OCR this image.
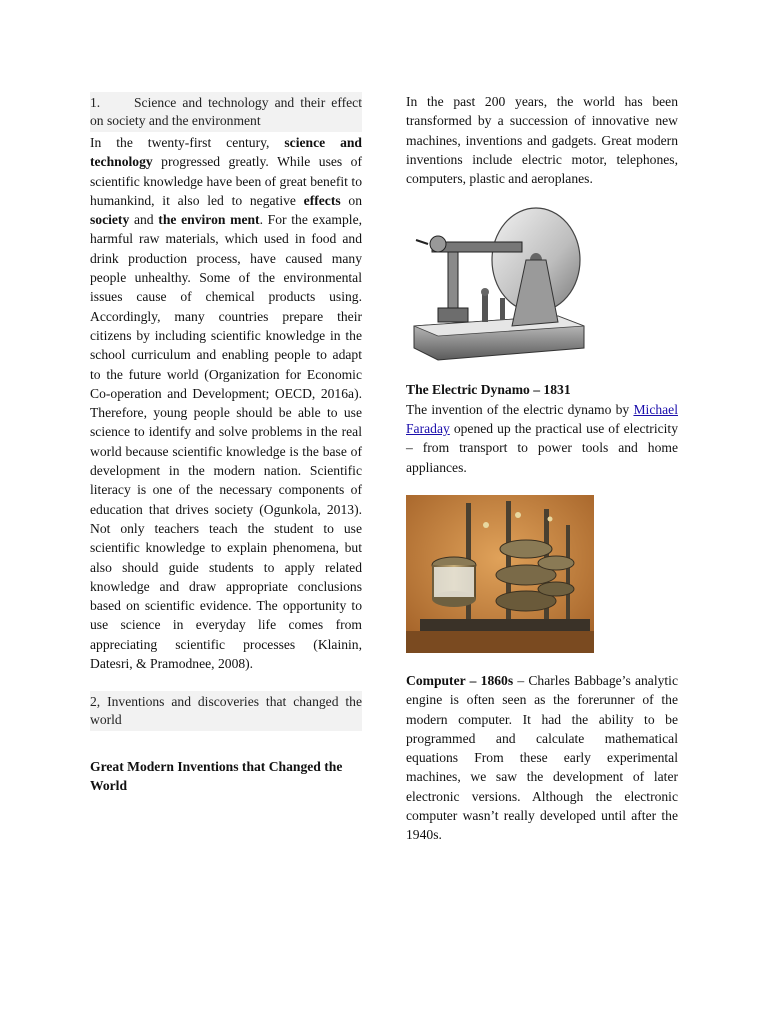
1. Science and technology and their effect on society and the environment

In the twenty-first century, science and technology progressed greatly. While uses of scientific knowledge have been of great benefit to humankind, it also led to negative effects on society and the environ ment. For the example, harmful raw materials, which used in food and drink production process, have caused many people unhealthy. Some of the environmental issues cause of chemical products using. Accordingly, many countries prepare their citizens by including scientific knowledge in the school curriculum and enabling people to adapt to the future world (Organization for Economic Co-operation and Development; OECD, 2016a). Therefore, young people should be able to use science to identify and solve problems in the real world because scientific knowledge is the base of development in the modern nation. Scientific literacy is one of the necessary components of education that drives society (Ogunkola, 2013). Not only teachers teach the student to use scientific knowledge to explain phenomena, but also should guide students to apply related knowledge and draw appropriate conclusions based on scientific evidence. The opportunity to use science in everyday life comes from appreciating scientific processes (Klainin, Datesri, & Pramodnee, 2008).

2, Inventions and discoveries that changed the world

Great Modern Inventions that Changed the World

In the past 200 years, the world has been transformed by a succession of innovative new machines, inventions and gadgets. Great modern inventions include electric motor, telephones, computers, plastic and aeroplanes.

The Electric Dynamo – 1831
The invention of the electric dynamo by Michael Faraday opened up the practical use of electricity – from transport to power tools and home appliances.

Computer – 1860s – Charles Babbage’s analytic engine is often seen as the forerunner of the modern computer. It had the ability to be programmed and calculate mathematical equations From these early experimental machines, we saw the development of later electronic versions. Although the electronic computer wasn’t really developed until after the 1940s.
